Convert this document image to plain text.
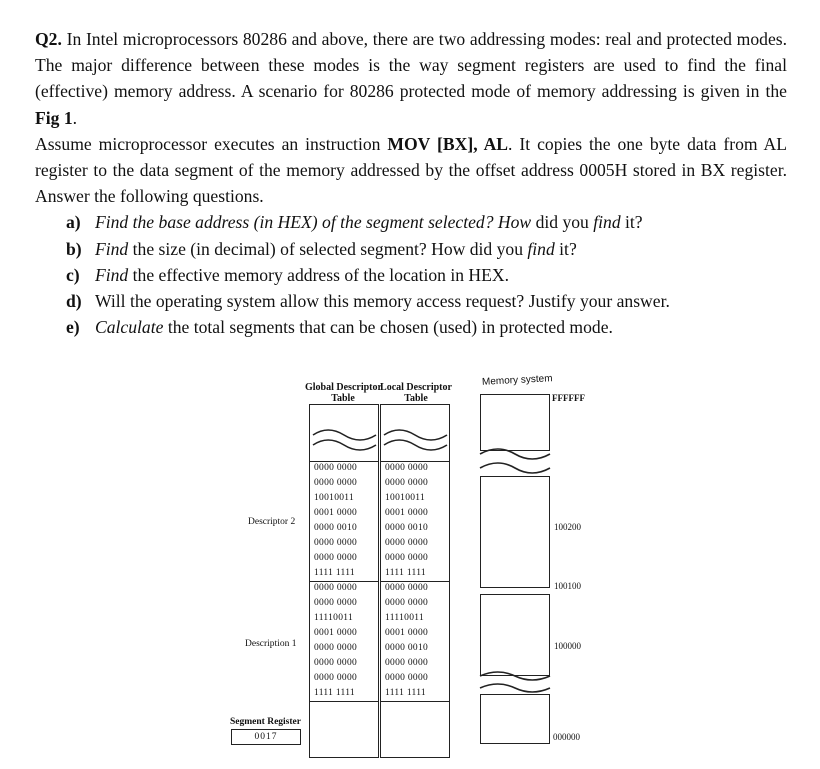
Q2. In Intel microprocessors 80286 and above, there are two addressing modes: real and protected modes. The major difference between these modes is the way segment registers are used to find the final (effective) memory address. A scenario for 80286 protected mode of memory addressing is given in the Fig 1.

Assume microprocessor executes an instruction MOV [BX], AL. It copies the one byte data from AL register to the data segment of the memory addressed by the offset address 0005H stored in BX register. Answer the following questions.

a) Find the base address (in HEX) of the segment selected? How did you find it?
b) Find the size (in decimal) of selected segment? How did you find it?
c) Find the effective memory address of the location in HEX.
d) Will the operating system allow this memory access request? Justify your answer.
e) Calculate the total segments that can be chosen (used) in protected mode.
Global Descriptor
Table
Local Descriptor
Table
Memory system
0000 0000
0000 0000
10010011
0001 0000
0000 0010
0000 0000
0000 0000
1111 1111
0000 0000
0000 0000
11110011
0001 0000
0000 0000
0000 0000
0000 0000
1111 1111
0000 0000
0000 0000
10010011
0001 0000
0000 0010
0000 0000
0000 0000
1111 1111
0000 0000
0000 0000
11110011
0001 0000
0000 0010
0000 0000
0000 0000
1111 1111
Descriptor 2
Description 1
FFFFFF
100200
100100
100000
000000
Segment Register
0017
